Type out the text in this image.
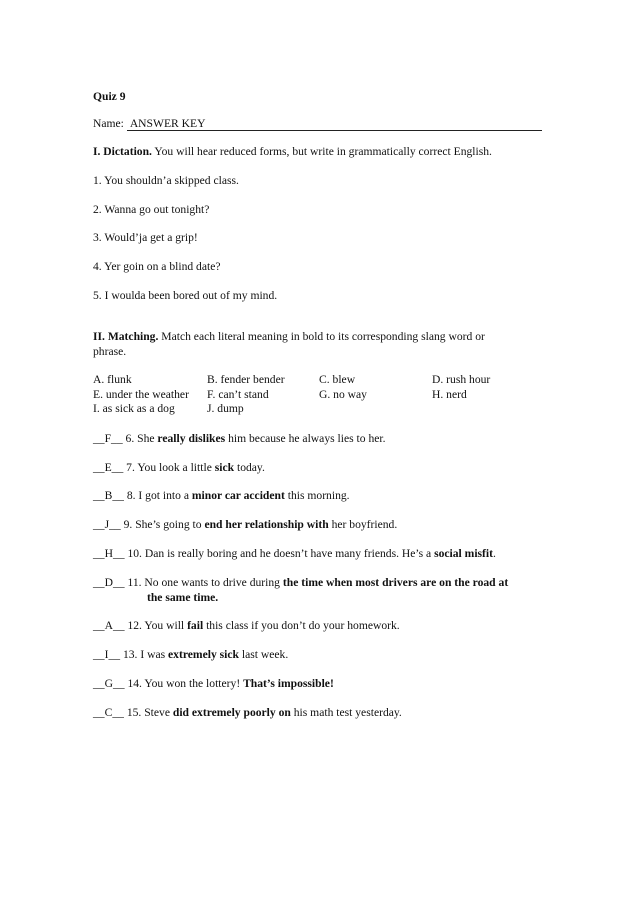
Quiz 9
Name: ANSWER KEY
I. Dictation. You will hear reduced forms, but write in grammatically correct English.
1. You shouldn’a skipped class.
2. Wanna go out tonight?
3. Would’ja get a grip!
4. Yer goin on a blind date?
5. I woulda been bored out of my mind.
II. Matching. Match each literal meaning in bold to its corresponding slang word or
phrase.
A. flunk	B. fender bender	C. blew	D. rush hour
E. under the weather F. can’t stand	G. no way	H. nerd
I. as sick as a dog	J. dump
__F__ 6. She really dislikes him because he always lies to her.
__E__ 7. You look a little sick today.
__B__ 8. I got into a minor car accident this morning.
__J__ 9. She’s going to end her relationship with her boyfriend.
__H__ 10. Dan is really boring and he doesn’t have many friends. He’s a social misfit.
__D__ 11. No one wants to drive during the time when most drivers are on the road at
the same time.
__A__ 12. You will fail this class if you don’t do your homework.
__I__ 13. I was extremely sick last week.
__G__ 14. You won the lottery! That’s impossible!
__C__ 15. Steve did extremely poorly on his math test yesterday.
